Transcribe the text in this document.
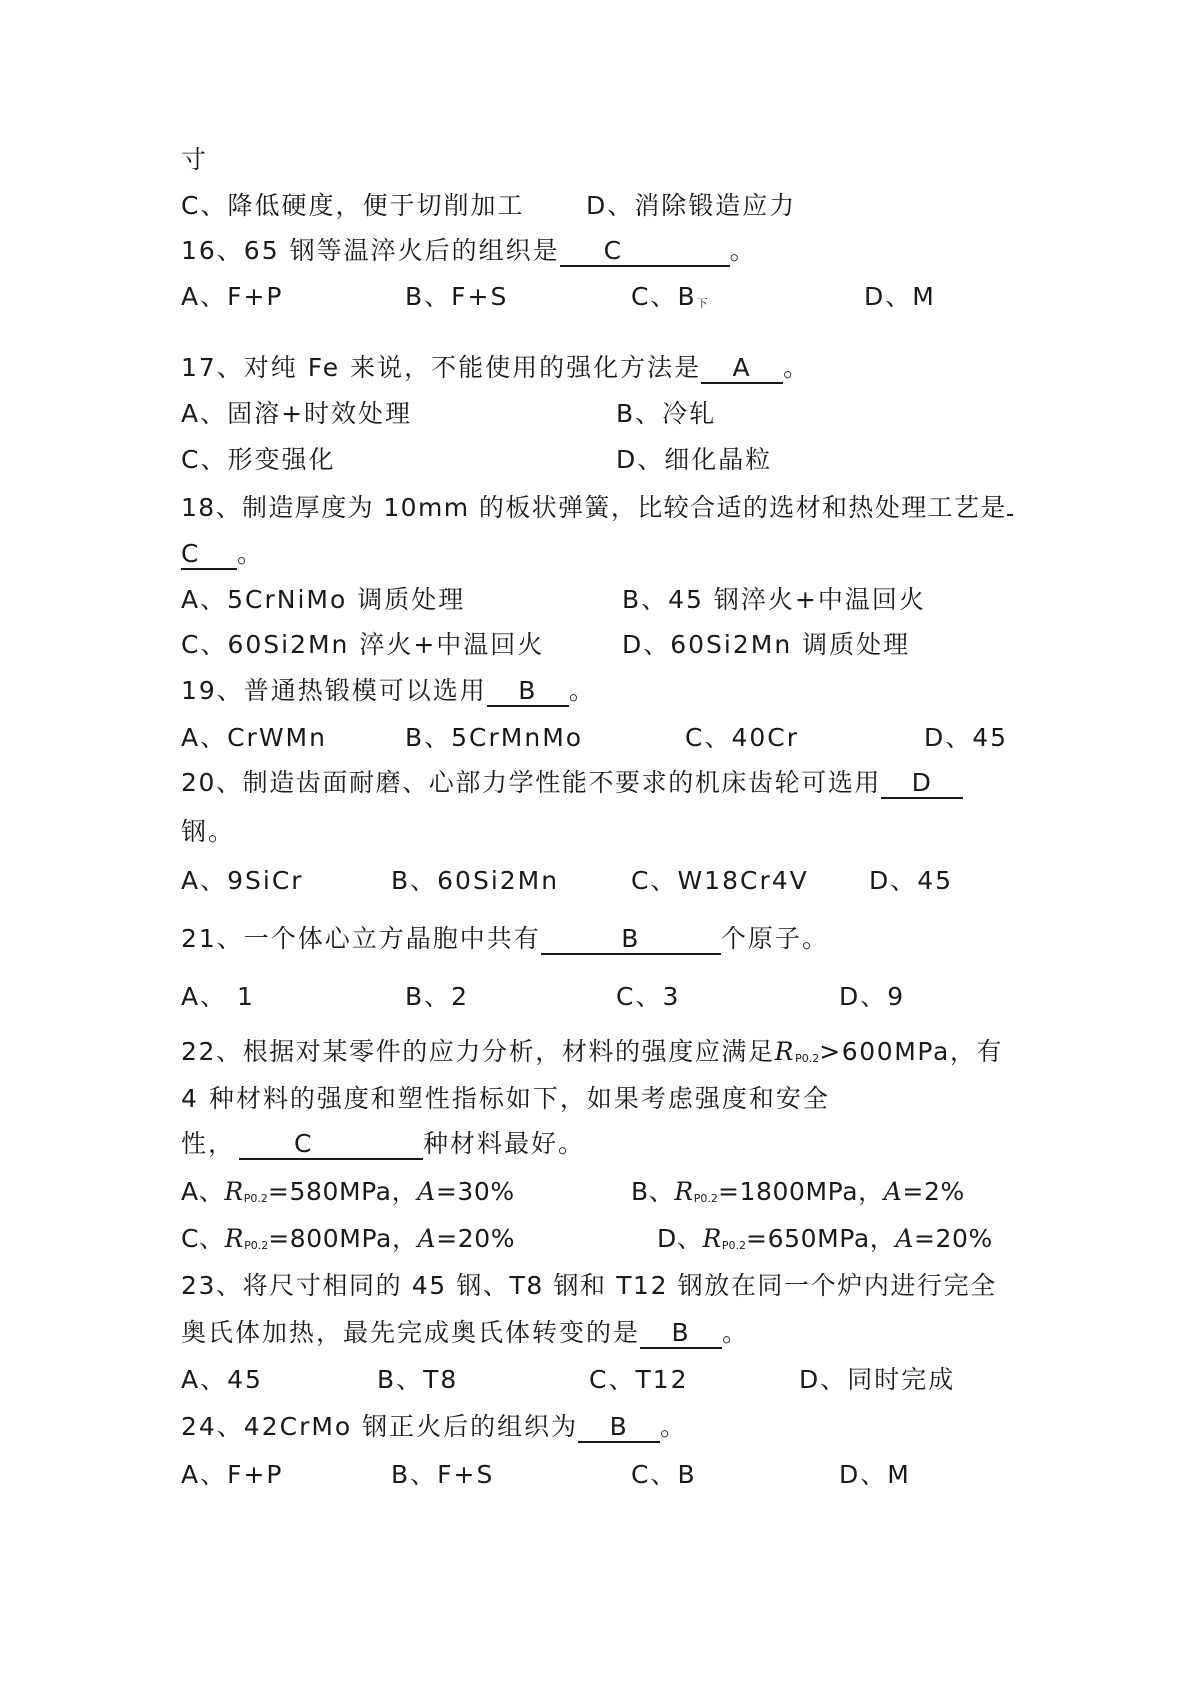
寸
C、降低硬度，便于切削加工 D、消除锻造应力
16、65 钢等温淬火后的组织是 C	。
A、F+P	B、F+S	C、B下	D、M
17、对纯 Fe 来说，不能使用的强化方法是 A 。
A、固溶+时效处理	B、冷轧
C、形变强化	D、细化晶粒
18、制造厚度为 10mm 的板状弹簧，比较合适的选材和热处理工艺是
C 。
A、5CrNiMo 调质处理	B、45 钢淬火+中温回火
C、60Si2Mn 淬火+中温回火	D、60Si2Mn 调质处理
19、普通热锻模可以选用 B 。
A、CrWMn	B、5CrMnMo	C、40Cr	D、45
20、制造齿面耐磨、心部力学性能不要求的机床齿轮可选用 D
钢。
A、9SiCr	B、60Si2Mn	C、W18Cr4V D、45
21、一个体心立方晶胞中共有	B	个原子。
A、 1	B、2	C、3	D、9
22、根据对某零件的应力分析，材料的强度应满足RP0.2>600MPa，有
4 种材料的强度和塑性指标如下，如果考虑强度和安全
性， C	种材料最好。
A、RP0.2=580MPa，A=30%	B、RP0.2=1800MPa，A=2%
C、RP0.2=800MPa，A=20%	D、RP0.2=650MPa，A=20%
23、将尺寸相同的 45 钢、T8 钢和 T12 钢放在同一个炉内进行完全
奥氏体加热，最先完成奥氏体转变的是 B 。
A、45	B、T8	C、T12	D、同时完成
24、42CrMo 钢正火后的组织为 B 。
A、F+P	B、F+S	C、B	D、M
